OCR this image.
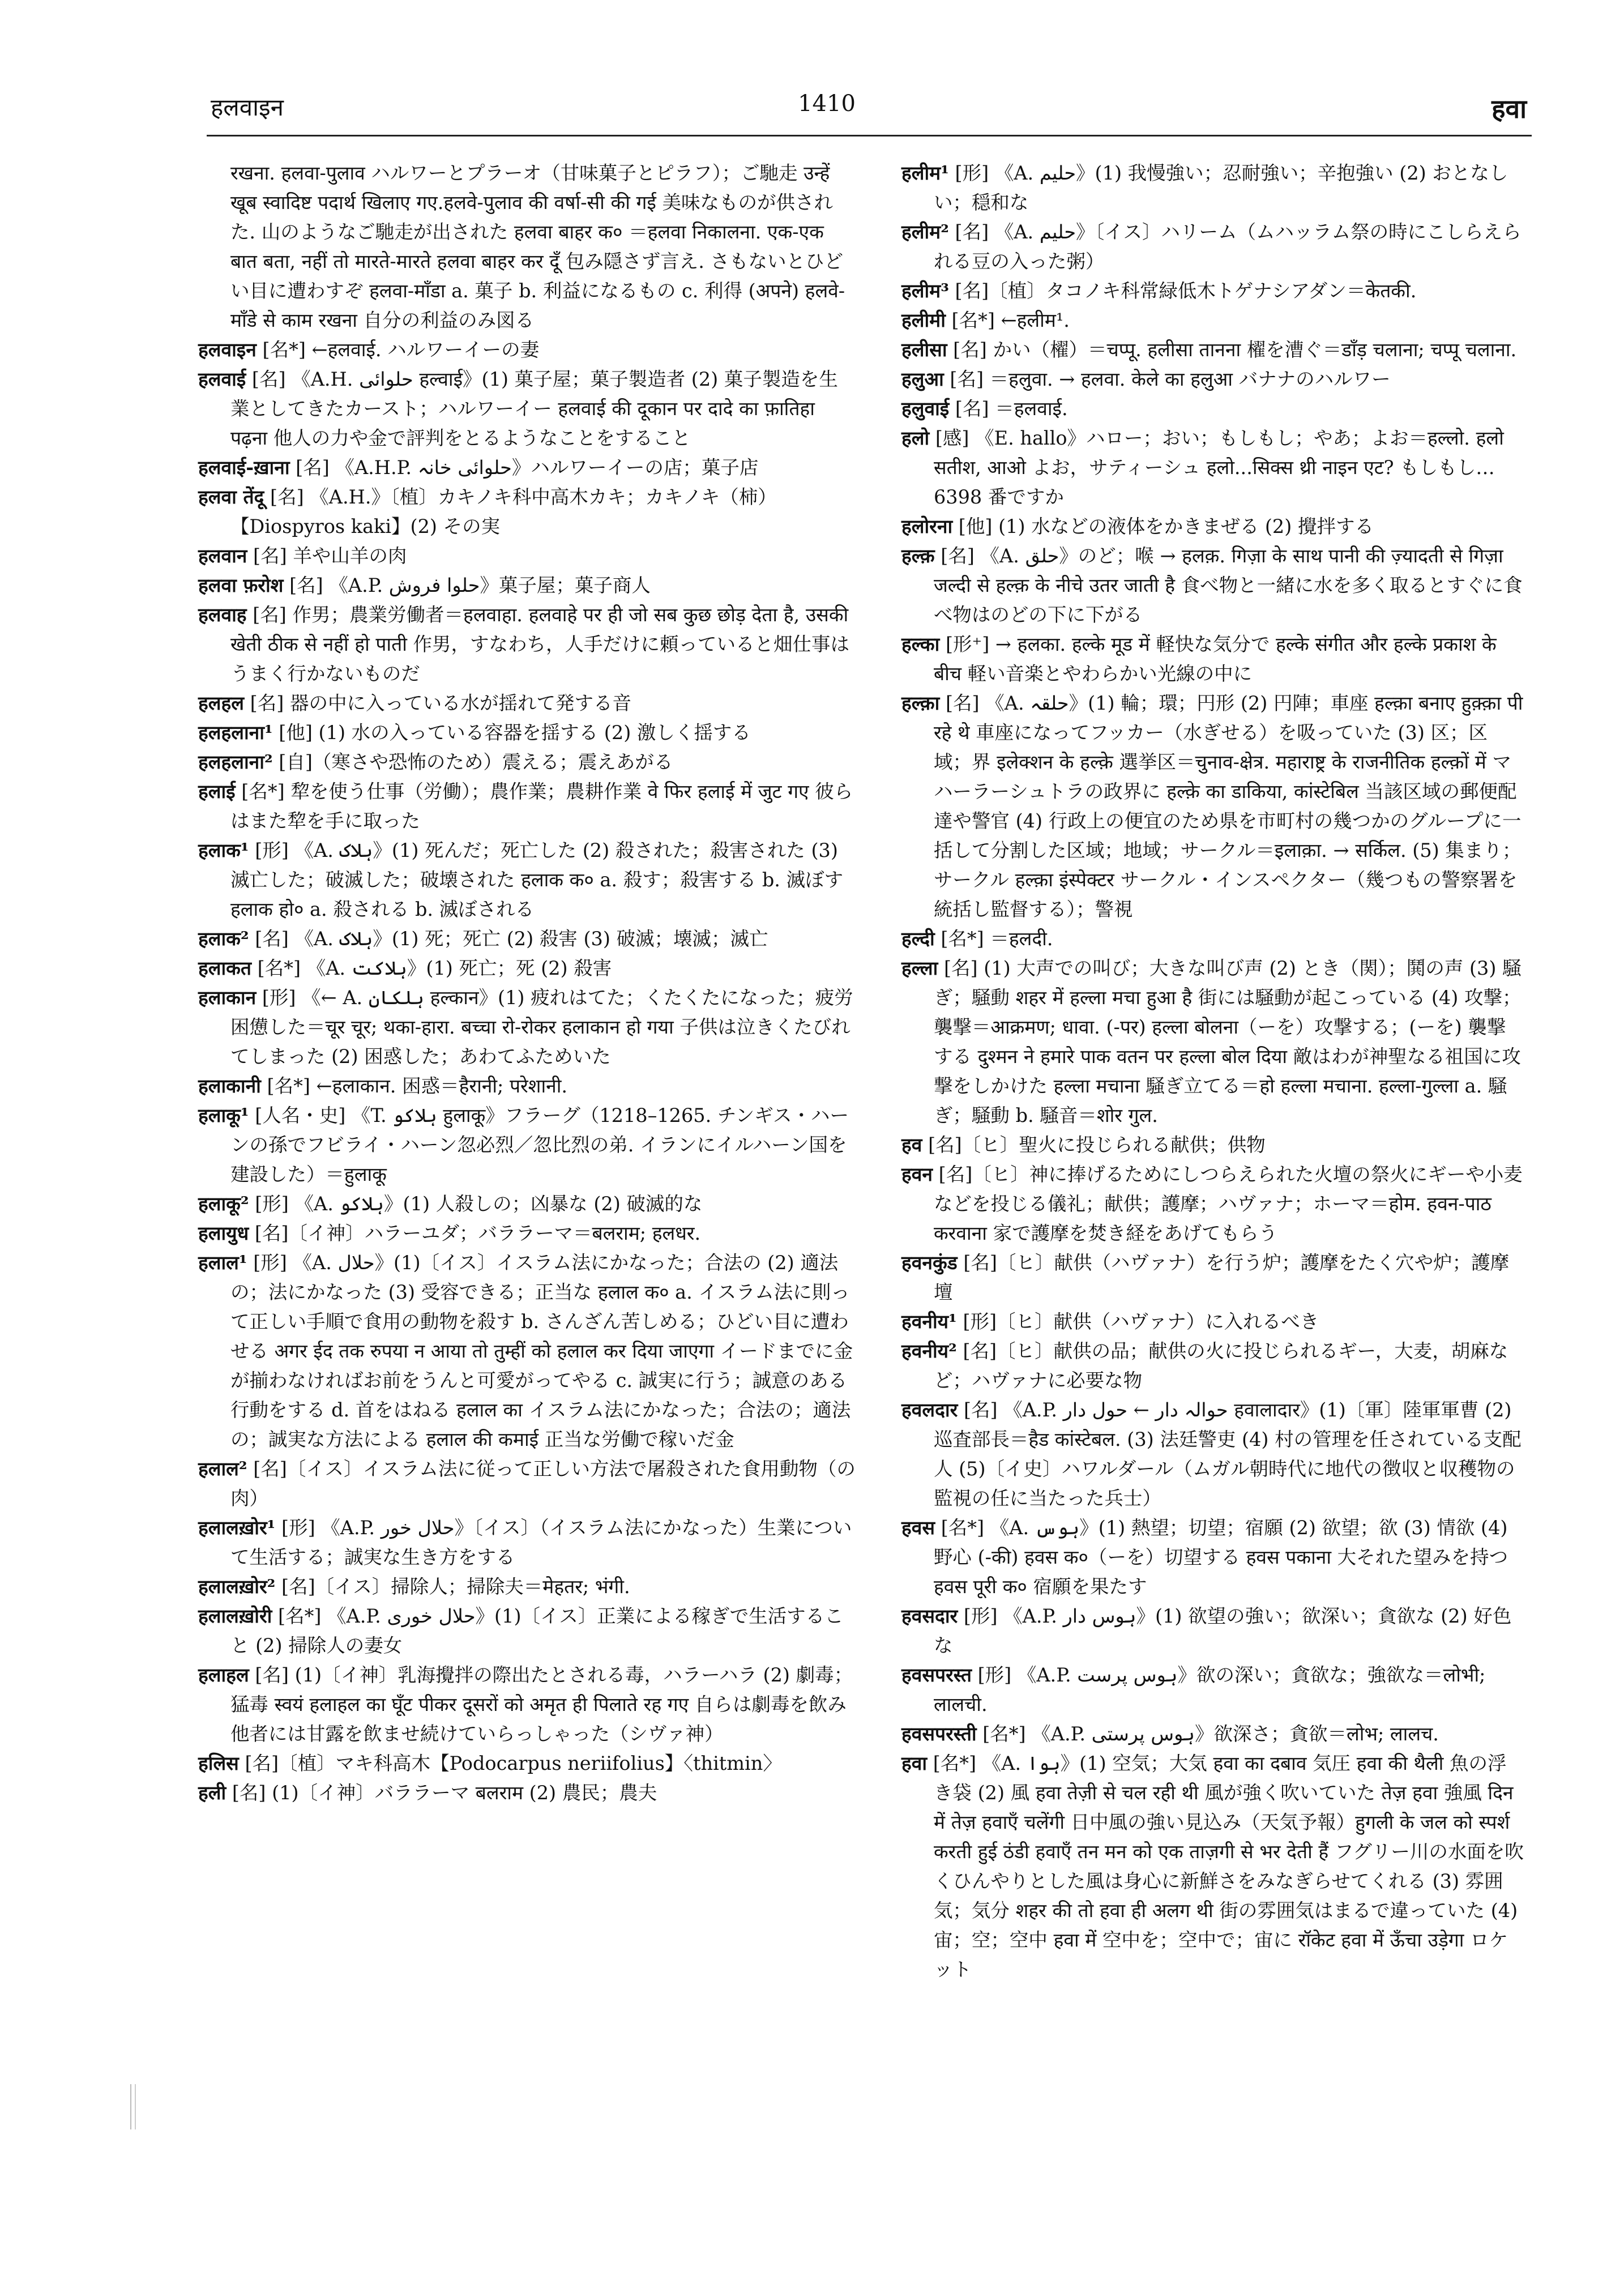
हलवाइन	1410	हवा

रखना. हलवा-पुलाव ハルワーとプラーオ（甘味菓子とピラフ）；ご馳走 उन्हें खूब स्वादिष्ट पदार्थ खिलाए गए.हलवे-पुलाव की वर्षा-सी की गई 美味なものが供された. 山のようなご馳走が出された हलवा बाहर क० ＝हलवा निकालना. एक-एक बात बता, नहीं तो मारते-मारते हलवा बाहर कर दूँ 包み隠さず言え. さもないとひどい目に遭わすぞ हलवा-माँडा a. 菓子 b. 利益になるもの c. 利得 (अपने) हलवे-माँडे से काम रखना 自分の利益のみ図る

हलवाइन [名*] ←हलवाई. ハルワーイーの妻

हलवाई [名] 《A.H. حلوائی हल्वाई》(1) 菓子屋；菓子製造者 (2) 菓子製造を生業としてきたカースト；ハルワーイー हलवाई की दूकान पर दादे का फ़ातिहा पढ़ना 他人の力や金で評判をとるようなことをすること

हलवाई-ख़ाना [名] 《A.H.P. حلوائی خانہ》ハルワーイーの店；菓子店

हलवा तेंदू [名] 《A.H.》〔植〕カキノキ科中高木カキ；カキノキ（柿）【Diospyros kaki】(2) その実

हलवान [名] 羊や山羊の肉

हलवा फ़रोश [名] 《A.P. حلوا فروش》菓子屋；菓子商人

हलवाह [名] 作男；農業労働者＝हलवाहा. हलवाहे पर ही जो सब कुछ छोड़ देता है, उसकी खेती ठीक से नहीं हो पाती 作男，すなわち，人手だけに頼っていると畑仕事はうまく行かないものだ

हलहल [名] 器の中に入っている水が揺れて発する音

हलहलाना¹ [他] (1) 水の入っている容器を揺する (2) 激しく揺する

हलहलाना² [自]（寒さや恐怖のため）震える；震えあがる

हलाई [名*] 犂を使う仕事（労働）；農作業；農耕作業 वे फिर हलाई में जुट गए 彼らはまた犂を手に取った

हलाक¹ [形] 《A. ہلاک》(1) 死んだ；死亡した (2) 殺された；殺害された (3) 滅亡した；破滅した；破壊された हलाक क० a. 殺す；殺害する b. 滅ぼす हलाक हो० a. 殺される b. 滅ぼされる

हलाक² [名] 《A. ہلاک》(1) 死；死亡 (2) 殺害 (3) 破滅；壊滅；滅亡

हलाकत [名*] 《A. ہلاکت》(1) 死亡；死 (2) 殺害

हलाकान [形] 《← A. ہلکان हल्कान》(1) 疲れはてた；くたくたになった；疲労困憊した＝चूर चूर; थका-हारा. बच्चा रो-रोकर हलाकान हो गया 子供は泣きくたびれてしまった (2) 困惑した；あわてふためいた

हलाकानी [名*] ←हलाकान. 困惑＝हैरानी; परेशानी.

हलाकू¹ [人名・史] 《T. ہلاکو हुलाकू》フラーグ（1218–1265. チンギス・ハーンの孫でフビライ・ハーン忽必烈／忽比烈の弟. イランにイルハーン国を建設した）＝हुलाकू

हलाकू² [形] 《A. ہلاکو》(1) 人殺しの；凶暴な (2) 破滅的な

हलायुध [名]〔イ神〕ハラーユダ；バララーマ＝बलराम; हलधर.

हलाल¹ [形] 《A. حلال》(1)〔イス〕イスラム法にかなった；合法の (2) 適法の；法にかなった (3) 受容できる；正当な हलाल क० a. イスラム法に則って正しい手順で食用の動物を殺す b. さんざん苦しめる；ひどい目に遭わせる अगर ईद तक रुपया न आया तो तुम्हीं को हलाल कर दिया जाएगा イードまでに金が揃わなければお前をうんと可愛がってやる c. 誠実に行う；誠意のある行動をする d. 首をはねる हलाल का イスラム法にかなった；合法の；適法の；誠実な方法による हलाल की कमाई 正当な労働で稼いだ金

हलाल² [名]〔イス〕イスラム法に従って正しい方法で屠殺された食用動物（の肉）

हलालख़ोर¹ [形] 《A.P. حلال خور》〔イス〕（イスラム法にかなった）生業について生活する；誠実な生き方をする

हलालख़ोर² [名]〔イス〕掃除人；掃除夫＝मेहतर; भंगी.

हलालख़ोरी [名*] 《A.P. حلال خوری》(1)〔イス〕正業による稼ぎで生活すること (2) 掃除人の妻女

हलाहल [名] (1)〔イ神〕乳海攪拌の際出たとされる毒，ハラーハラ (2) 劇毒；猛毒 स्वयं हलाहल का घूँट पीकर दूसरों को अमृत ही पिलाते रह गए 自らは劇毒を飲み他者には甘露を飲ませ続けていらっしゃった（シヴァ神）

हलिस [名]〔植〕マキ科高木【Podocarpus neriifolius】〈thitmin〉

हली [名] (1)〔イ神〕バララーマ बलराम (2) 農民；農夫

हलीम¹ [形] 《A. حلیم》(1) 我慢強い；忍耐強い；辛抱強い (2) おとなしい；穏和な

हलीम² [名] 《A. حلیم》〔イス〕ハリーム（ムハッラム祭の時にこしらえられる豆の入った粥）

हलीम³ [名]〔植〕タコノキ科常緑低木トゲナシアダン＝केतकी.

हलीमी [名*] ←हलीम¹.

हलीसा [名] かい（櫂）＝चप्पू. हलीसा तानना 櫂を漕ぐ＝डाँड़ चलाना; चप्पू चलाना.

हलुआ [名] ＝हलुवा. → हलवा. केले का हलुआ バナナのハルワー

हलुवाई [名] ＝हलवाई.

हलो [感] 《E. hallo》ハロー；おい；もしもし；やあ；よお＝हल्लो. हलो सतीश, आओ よお，サティーシュ हलो...सिक्स थ्री नाइन एट? もしもし… 6398 番ですか

हलोरना [他] (1) 水などの液体をかきまぜる (2) 攪拌する

हल्क़ [名] 《A. حلق》のど；喉 → हलक़. गिज़ा के साथ पानी की ज़्यादती से गिज़ा जल्दी से हल्क़ के नीचे उतर जाती है 食べ物と一緒に水を多く取るとすぐに食べ物はのどの下に下がる

हल्का [形⁺] → हलका. हल्के मूड में 軽快な気分で हल्के संगीत और हल्के प्रकाश के बीच 軽い音楽とやわらかい光線の中に

हल्क़ा [名] 《A. حلقہ》(1) 輪；環；円形 (2) 円陣；車座 हल्क़ा बनाए हुक़्क़ा पी रहे थे 車座になってフッカー（水ぎせる）を吸っていた (3) 区；区域；界 इलेक्शन के हल्क़े 選挙区＝चुनाव-क्षेत्र. महाराष्ट्र के राजनीतिक हल्क़ों में マハーラーシュトラの政界に हल्क़े का डाकिया, कांस्टेबिल 当該区域の郵便配達や警官 (4) 行政上の便宜のため県を市町村の幾つかのグループに一括して分割した区域；地域；サークル＝इलाक़ा. → सर्किल. (5) 集まり；サークル हल्क़ा इंस्पेक्टर サークル・インスペクター（幾つもの警察署を統括し監督する）；警視

हल्दी [名*] ＝हलदी.

हल्ला [名] (1) 大声での叫び；大きな叫び声 (2) とき（関）；鬨の声 (3) 騒ぎ；騒動 शहर में हल्ला मचा हुआ है 街には騒動が起こっている (4) 攻撃；襲撃＝आक्रमण; धावा. (-पर) हल्ला बोलना（ーを）攻撃する；(ーを) 襲撃する दुश्मन ने हमारे पाक वतन पर हल्ला बोल दिया 敵はわが神聖なる祖国に攻撃をしかけた हल्ला मचाना 騒ぎ立てる＝हो हल्ला मचाना. हल्ला-गुल्ला a. 騒ぎ；騒動 b. 騒音＝शोर गुल.

हव [名]〔ヒ〕聖火に投じられる献供；供物

हवन [名]〔ヒ〕神に捧げるためにしつらえられた火壇の祭火にギーや小麦などを投じる儀礼；献供；護摩；ハヴァナ；ホーマ＝होम. हवन-पाठ करवाना 家で護摩を焚き経をあげてもらう

हवनकुंड [名]〔ヒ〕献供（ハヴァナ）を行う炉；護摩をたく穴や炉；護摩壇

हवनीय¹ [形]〔ヒ〕献供（ハヴァナ）に入れるべき

हवनीय² [名]〔ヒ〕献供の品；献供の火に投じられるギー，大麦，胡麻など；ハヴァナに必要な物

हवलदार [名] 《A.P. حوالہ دار ← حول دار हवालादार》(1)〔軍〕陸軍軍曹 (2) 巡査部長＝हैड कांस्टेबल. (3) 法廷警吏 (4) 村の管理を任されている支配人 (5)〔イ史〕ハワルダール（ムガル朝時代に地代の徴収と収穫物の監視の任に当たった兵士）

हवस [名*] 《A. ہوس》(1) 熱望；切望；宿願 (2) 欲望；欲 (3) 情欲 (4) 野心 (-की) हवस क०（ーを）切望する हवस पकाना 大それた望みを持つ हवस पूरी क० 宿願を果たす

हवसदार [形] 《A.P. ہوس دار》(1) 欲望の強い；欲深い；貪欲な (2) 好色な

हवसपरस्त [形] 《A.P. ہوس پرست》欲の深い；貪欲な；強欲な＝लोभी; लालची.

हवसपरस्ती [名*] 《A.P. ہوس پرستی》欲深さ；貪欲＝लोभ; लालच.

हवा [名*] 《A. ہوا》(1) 空気；大気 हवा का दबाव 気圧 हवा की थैली 魚の浮き袋 (2) 風 हवा तेज़ी से चल रही थी 風が強く吹いていた तेज़ हवा 強風 दिन में तेज़ हवाएँ चलेंगी 日中風の強い見込み（天気予報）हुगली के जल को स्पर्श करती हुई ठंडी हवाएँ तन मन को एक ताज़गी से भर देती हैं フグリー川の水面を吹くひんやりとした風は身心に新鮮さをみなぎらせてくれる (3) 雰囲気；気分 शहर की तो हवा ही अलग थी 街の雰囲気はまるで違っていた (4) 宙；空；空中 हवा में 空中を；空中で；宙に रॉकेट हवा में ऊँचा उड़ेगा ロケット
